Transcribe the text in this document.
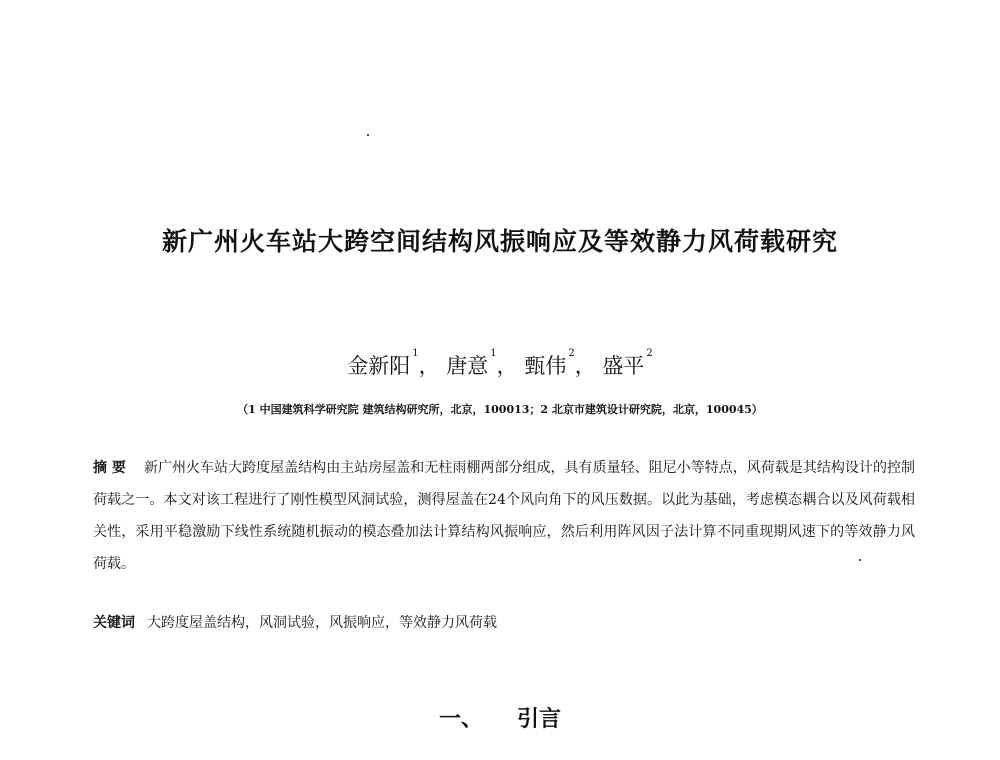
新广州火车站大跨空间结构风振响应及等效静力风荷载研究
金新阳$^1$， 唐意$^1$， 甄伟$^2$， 盛平$^2$
（1 中国建筑科学研究院 建筑结构研究所，北京，100013；2 北京市建筑设计研究院，北京，100045）
摘 要 新广州火车站大跨度屋盖结构由主站房屋盖和无柱雨棚两部分组成，具有质量轻、阻尼小等特点，风荷载是其结构设计的控制荷载之一。本文对该工程进行了刚性模型风洞试验，测得屋盖在24个风向角下的风压数据。以此为基础，考虑模态耦合以及风荷载相关性，采用平稳激励下线性系统随机振动的模态叠加法计算结构风振响应，然后利用阵风因子法计算不同重现期风速下的等效静力风荷载。
关键词 大跨度屋盖结构，风洞试验，风振响应，等效静力风荷载
一、 引言
